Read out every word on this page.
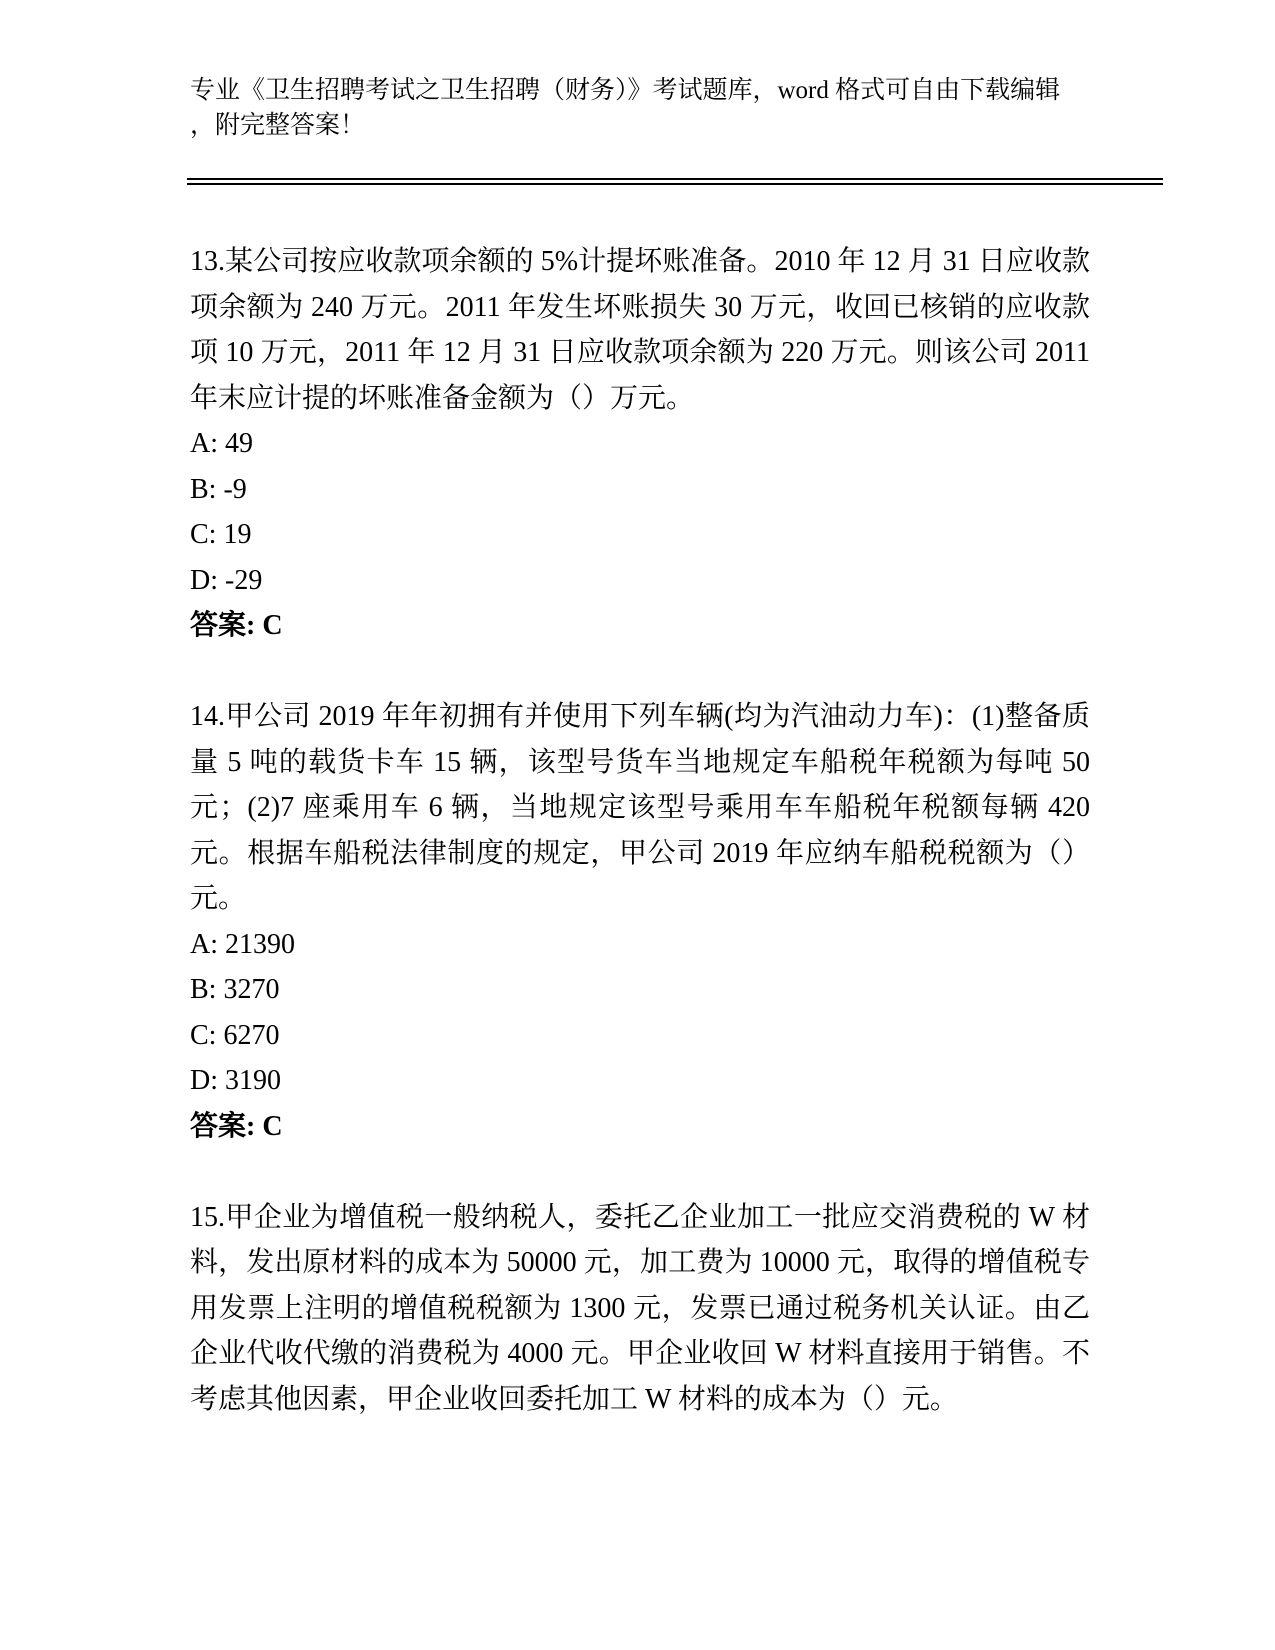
专业《卫生招聘考试之卫生招聘（财务）》考试题库，word 格式可自由下载编辑

，附完整答案！

13.某公司按应收款项余额的 5%计提坏账准备。2010 年 12 月 31 日应收款项余额为 240 万元。2011 年发生坏账损失 30 万元，收回已核销的应收款项 10 万元，2011 年 12 月 31 日应收款项余额为 220 万元。则该公司 2011 年末应计提的坏账准备金额为（）万元。

A: 49

B: -9

C: 19

D: -29

答案: C

14.甲公司 2019 年年初拥有并使用下列车辆(均为汽油动力车)：(1)整备质量 5 吨的载货卡车 15 辆，该型号货车当地规定车船税年税额为每吨 50 元；(2)7 座乘用车 6 辆，当地规定该型号乘用车车船税年税额每辆 420 元。根据车船税法律制度的规定，甲公司 2019 年应纳车船税税额为（）元。

A: 21390

B: 3270

C: 6270

D: 3190

答案: C

15.甲企业为增值税一般纳税人，委托乙企业加工一批应交消费税的 W 材料，发出原材料的成本为 50000 元，加工费为 10000 元，取得的增值税专用发票上注明的增值税税额为 1300 元，发票已通过税务机关认证。由乙企业代收代缴的消费税为 4000 元。甲企业收回 W 材料直接用于销售。不考虑其他因素，甲企业收回委托加工 W 材料的成本为（）元。
